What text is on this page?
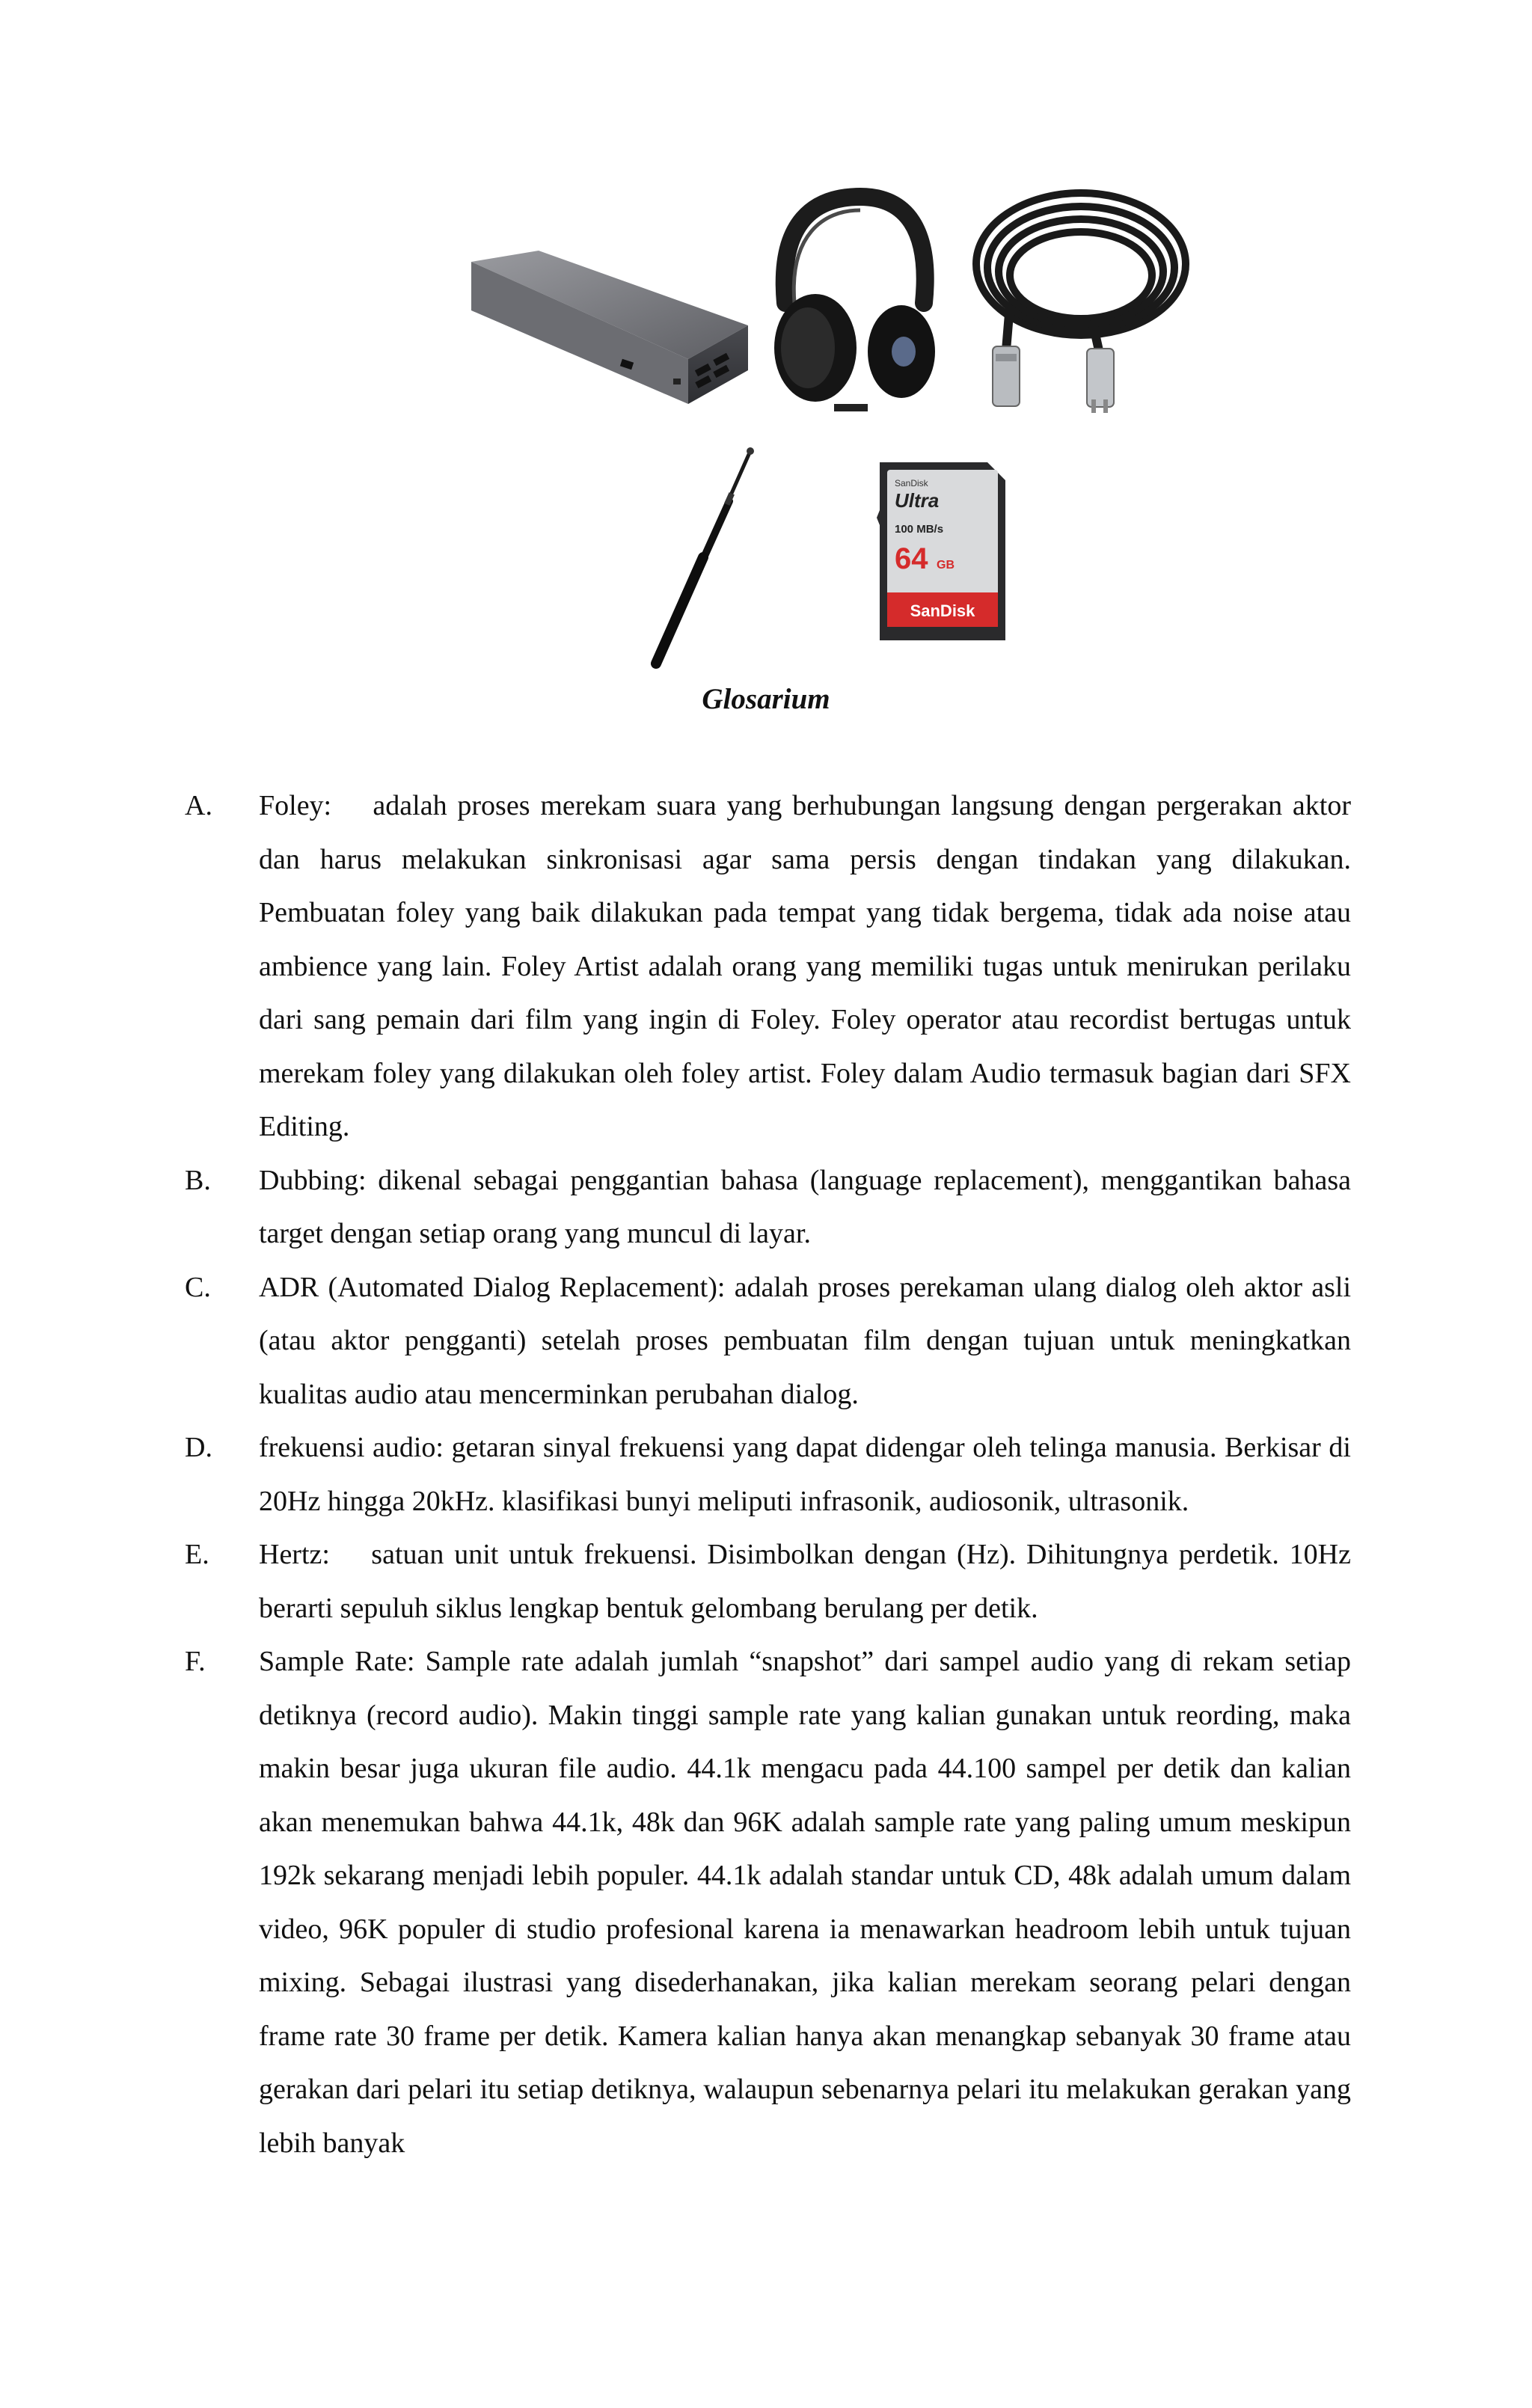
SanDisk
Ultra
100 MB/s
64 GB
SanDisk
Glosarium
A. Foley:    adalah proses merekam suara yang berhubungan langsung dengan pergerakan aktor dan harus melakukan sinkronisasi agar sama persis dengan tindakan yang dilakukan. Pembuatan foley yang baik dilakukan pada tempat yang tidak bergema, tidak ada noise atau ambience yang lain. Foley Artist adalah orang yang memiliki tugas untuk menirukan perilaku dari sang pemain dari film yang ingin di Foley. Foley operator atau recordist bertugas untuk merekam foley yang dilakukan oleh foley artist. Foley dalam Audio termasuk bagian dari SFX Editing.
B. Dubbing: dikenal sebagai penggantian bahasa (language replacement), menggantikan bahasa target dengan setiap orang yang muncul di layar.
C. ADR (Automated Dialog Replacement): adalah proses perekaman ulang dialog oleh aktor asli (atau aktor pengganti) setelah proses pembuatan film dengan tujuan untuk meningkatkan kualitas audio atau mencerminkan perubahan dialog.
D. frekuensi audio: getaran sinyal frekuensi yang dapat didengar oleh telinga manusia. Berkisar di 20Hz hingga 20kHz. klasifikasi bunyi meliputi infrasonik, audiosonik, ultrasonik.
E. Hertz:    satuan unit untuk frekuensi. Disimbolkan dengan (Hz). Dihitungnya perdetik. 10Hz berarti sepuluh siklus lengkap bentuk gelombang berulang per detik.
F. Sample Rate: Sample rate adalah jumlah “snapshot” dari sampel audio yang di rekam setiap detiknya (record audio). Makin tinggi sample rate yang kalian gunakan untuk reording, maka makin besar juga ukuran file audio. 44.1k mengacu pada 44.100 sampel per detik dan kalian akan menemukan bahwa 44.1k, 48k dan 96K adalah sample rate yang paling umum meskipun 192k sekarang menjadi lebih populer. 44.1k adalah standar untuk CD, 48k adalah umum dalam video, 96K populer di studio profesional karena ia menawarkan headroom lebih untuk tujuan mixing. Sebagai ilustrasi yang disederhanakan, jika kalian merekam seorang pelari dengan frame rate 30 frame per detik. Kamera kalian hanya akan menangkap sebanyak 30 frame atau gerakan dari pelari itu setiap detiknya, walaupun sebenarnya pelari itu melakukan gerakan yang lebih banyak
